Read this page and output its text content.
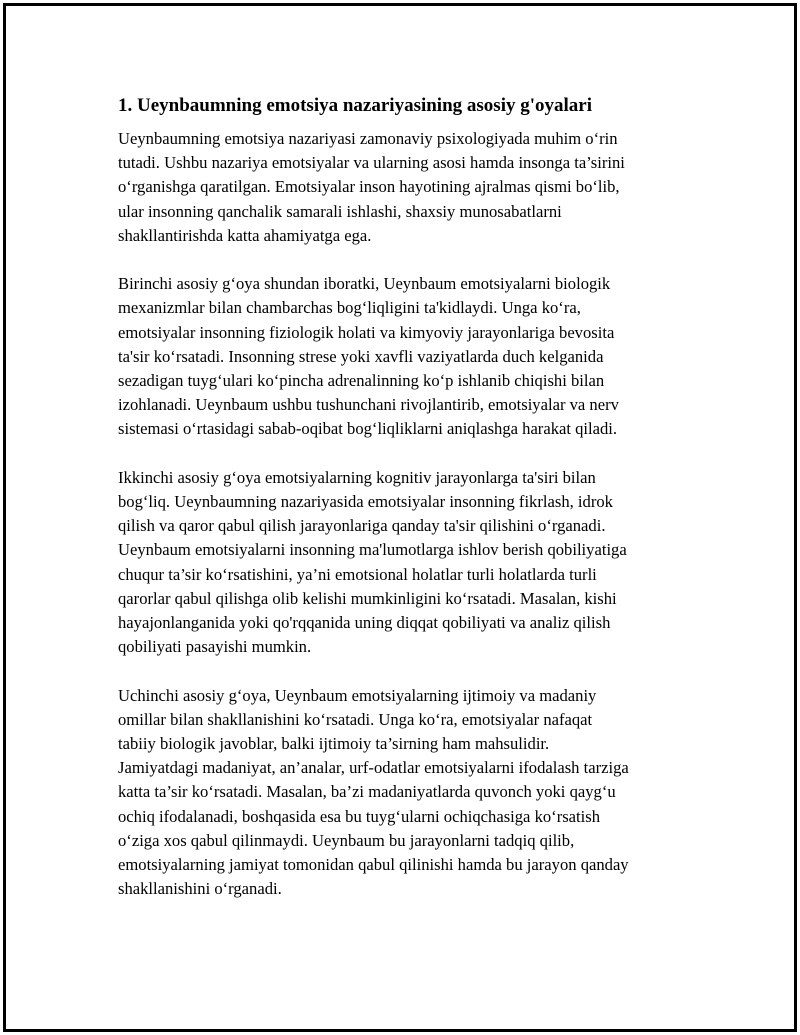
1. Ueynbaumning emotsiya nazariyasining asosiy g'oyalari

Ueynbaumning emotsiya nazariyasi zamonaviy psixologiyada muhim o‘rin
tutadi. Ushbu nazariya emotsiyalar va ularning asosi hamda insonga ta’sirini
o‘rganishga qaratilgan. Emotsiyalar inson hayotining ajralmas qismi bo‘lib,
ular insonning qanchalik samarali ishlashi, shaxsiy munosabatlarni
shakllantirishda katta ahamiyatga ega.

Birinchi asosiy g‘oya shundan iboratki, Ueynbaum emotsiyalarni biologik
mexanizmlar bilan chambarchas bog‘liqligini ta'kidlaydi. Unga ko‘ra,
emotsiyalar insonning fiziologik holati va kimyoviy jarayonlariga bevosita
ta'sir ko‘rsatadi. Insonning strese yoki xavfli vaziyatlarda duch kelganida
sezadigan tuyg‘ulari ko‘pincha adrenalinning ko‘p ishlanib chiqishi bilan
izohlanadi. Ueynbaum ushbu tushunchani rivojlantirib, emotsiyalar va nerv
sistemasi o‘rtasidagi sabab-oqibat bog‘liqliklarni aniqlashga harakat qiladi.

Ikkinchi asosiy g‘oya emotsiyalarning kognitiv jarayonlarga ta'siri bilan
bog‘liq. Ueynbaumning nazariyasida emotsiyalar insonning fikrlash, idrok
qilish va qaror qabul qilish jarayonlariga qanday ta'sir qilishini o‘rganadi.
Ueynbaum emotsiyalarni insonning ma'lumotlarga ishlov berish qobiliyatiga
chuqur ta’sir ko‘rsatishini, ya’ni emotsional holatlar turli holatlarda turli
qarorlar qabul qilishga olib kelishi mumkinligini ko‘rsatadi. Masalan, kishi
hayajonlanganida yoki qo'rqqanida uning diqqat qobiliyati va analiz qilish
qobiliyati pasayishi mumkin.

Uchinchi asosiy g‘oya, Ueynbaum emotsiyalarning ijtimoiy va madaniy
omillar bilan shakllanishini ko‘rsatadi. Unga ko‘ra, emotsiyalar nafaqat
tabiiy biologik javoblar, balki ijtimoiy ta’sirning ham mahsulidir.
Jamiyatdagi madaniyat, an’analar, urf-odatlar emotsiyalarni ifodalash tarziga
katta ta’sir ko‘rsatadi. Masalan, ba’zi madaniyatlarda quvonch yoki qayg‘u
ochiq ifodalanadi, boshqasida esa bu tuyg‘ularni ochiqchasiga ko‘rsatish
o‘ziga xos qabul qilinmaydi. Ueynbaum bu jarayonlarni tadqiq qilib,
emotsiyalarning jamiyat tomonidan qabul qilinishi hamda bu jarayon qanday
shakllanishini o‘rganadi.
